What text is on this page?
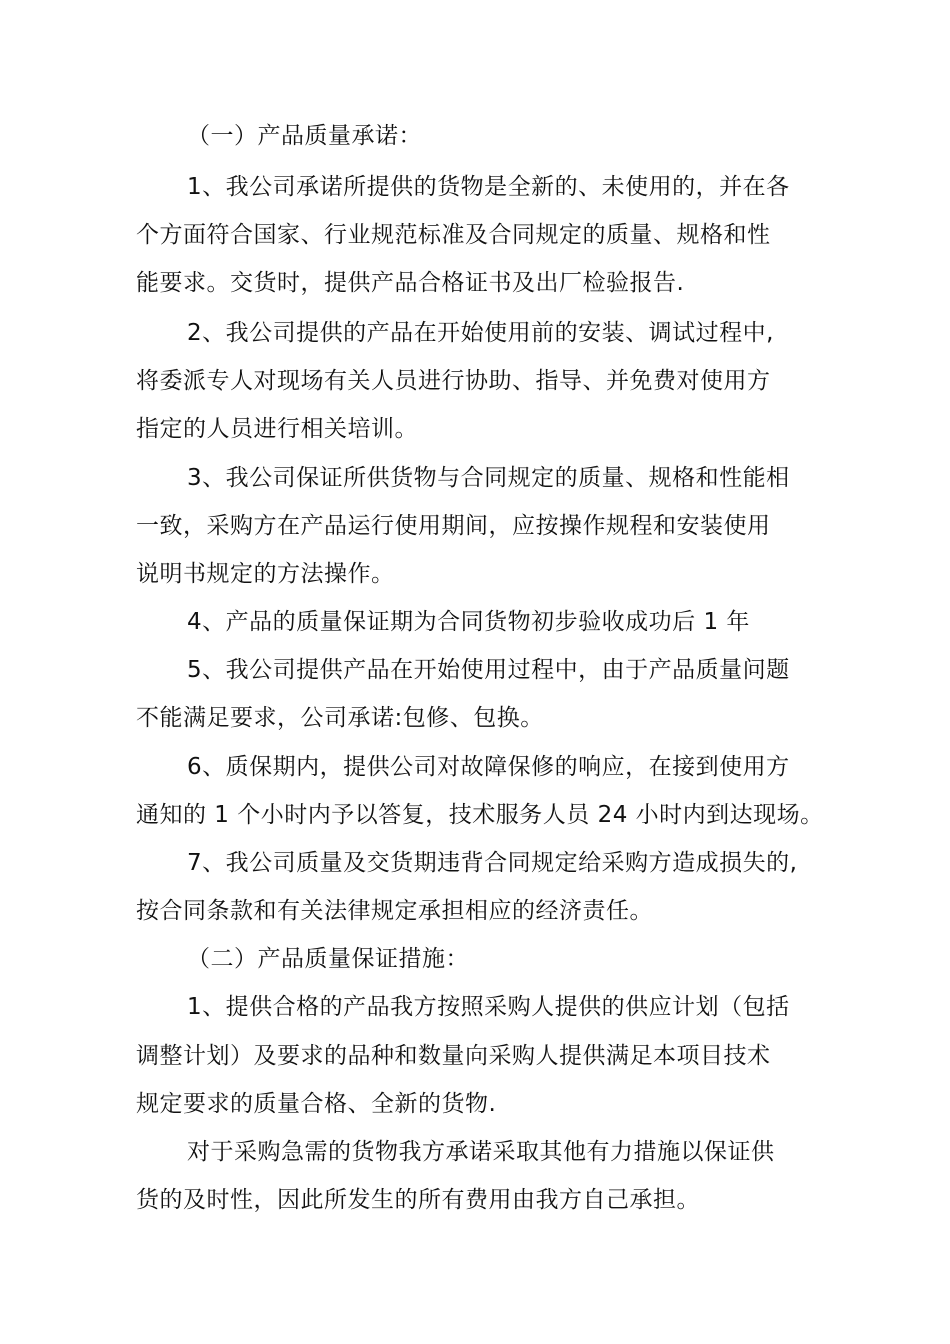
（一）产品质量承诺：
1、我公司承诺所提供的货物是全新的、未使用的，并在各
个方面符合国家、行业规范标准及合同规定的质量、规格和性
能要求。交货时，提供产品合格证书及出厂检验报告.
2、我公司提供的产品在开始使用前的安装、调试过程中,
将委派专人对现场有关人员进行协助、指导、并免费对使用方
指定的人员进行相关培训。
3、我公司保证所供货物与合同规定的质量、规格和性能相
一致，采购方在产品运行使用期间，应按操作规程和安装使用
说明书规定的方法操作。
4、产品的质量保证期为合同货物初步验收成功后 1 年
5、我公司提供产品在开始使用过程中，由于产品质量问题
不能满足要求，公司承诺:包修、包换。
6、质保期内，提供公司对故障保修的响应，在接到使用方
通知的 1 个小时内予以答复，技术服务人员 24 小时内到达现场。
7、我公司质量及交货期违背合同规定给采购方造成损失的,
按合同条款和有关法律规定承担相应的经济责任。
（二）产品质量保证措施：
1、提供合格的产品我方按照采购人提供的供应计划（包括
调整计划）及要求的品种和数量向采购人提供满足本项目技术
规定要求的质量合格、全新的货物.
对于采购急需的货物我方承诺采取其他有力措施以保证供
货的及时性，因此所发生的所有费用由我方自己承担。
